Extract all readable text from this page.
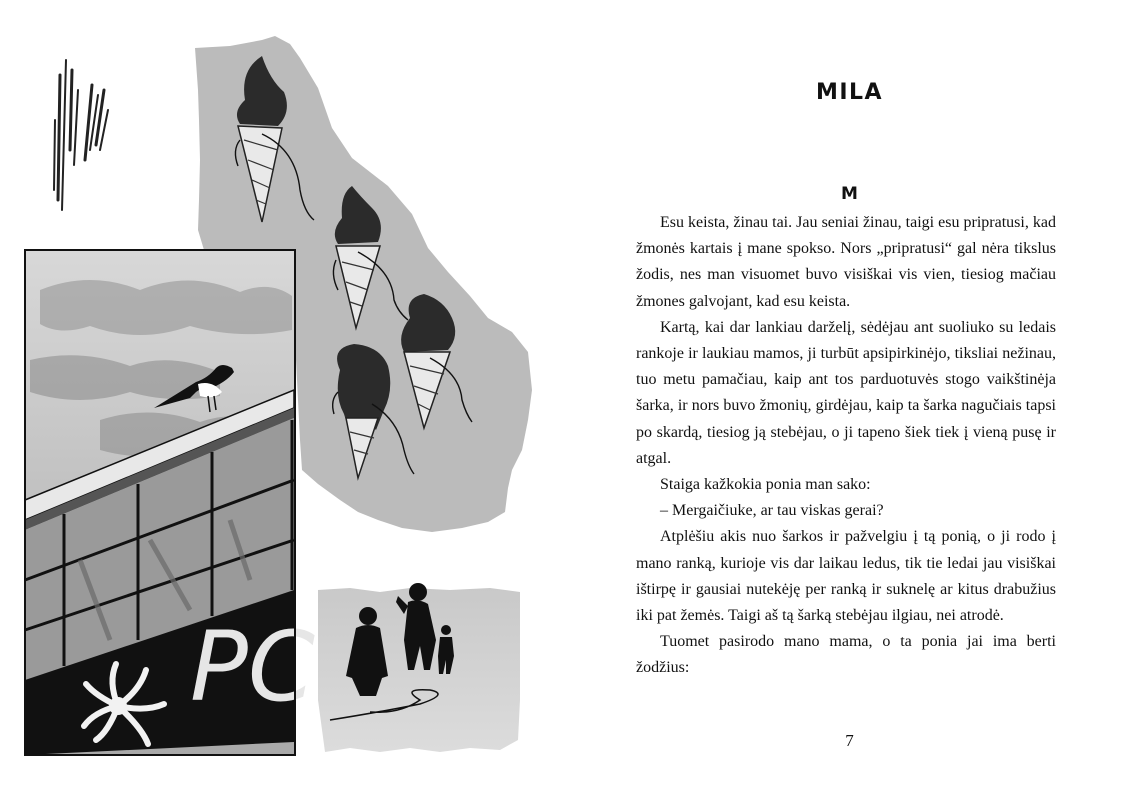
PC
MILA
M

Esu keista, žinau tai. Jau seniai žinau, taigi esu pripratusi, kad žmonės kartais į mane spokso. Nors „pripratusi“ gal nėra tikslus žodis, nes man visuomet buvo visiškai vis vien, tiesiog mačiau žmones galvojant, kad esu keista.

Kartą, kai dar lankiau darželį, sėdėjau ant suoliuko su ledais rankoje ir laukiau mamos, ji turbūt apsipirkinėjo, tiksliai nežinau, tuo metu pamačiau, kaip ant tos parduotuvės stogo vaikštinėja šarka, ir nors buvo žmonių, girdėjau, kaip ta šarka nagučiais tapsi po skardą, tiesiog ją stebėjau, o ji tapeno šiek tiek į vieną pusę ir atgal.

Staiga kažkokia ponia man sako:

– Mergaičiuke, ar tau viskas gerai?

Atplėšiu akis nuo šarkos ir pažvelgiu į tą ponią, o ji rodo į mano ranką, kurioje vis dar laikau ledus, tik tie ledai jau visiškai ištirpę ir gausiai nutekėję per ranką ir suknelę ar kitus drabužius iki pat žemės. Taigi aš tą šarką stebėjau ilgiau, nei atrodė.

Tuomet pasirodo mano mama, o ta ponia jai ima berti žodžius:

7
